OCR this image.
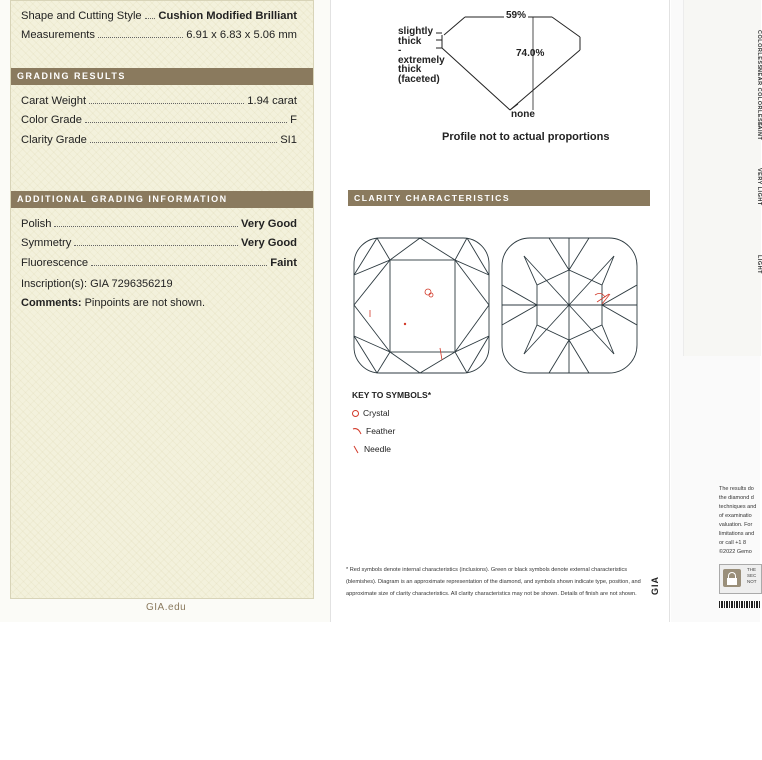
Shape and Cutting Style Cushion Modified Brilliant
Measurements	6.91 x 6.83 x 5.06 mm
GRADING RESULTS
Carat Weight	1.94 carat
Color Grade	F
Clarity Grade	SI1
ADDITIONAL GRADING INFORMATION
Polish	Very Good
Symmetry	Very Good
Fluorescence	Faint
Inscription(s): GIA 7296356219
Comments: Pinpoints are not shown.
GIA.edu
59%
74.0%
slightly
thick
-
extremely
thick
(faceted)
none
Profile not to actual proportions
CLARITY CHARACTERISTICS
KEY TO SYMBOLS*
Crystal
Feather
Needle
* Red symbols denote internal characteristics (inclusions). Green or black symbols denote external characteristics
(blemishes). Diagram is an approximate representation of the diamond, and symbols shown indicate type, position, and
approximate size of clarity characteristics. All clarity characteristics may not be shown. Details of finish are not shown.	GIA
COLORLESS
NEAR COLORLESS
FAINT
VERY LIGHT
LIGHT
The results do
the diamond d
techniques and
of examinatio
valuation. For
limitations and
or call +1 8
©2022 Gemo
THE
SEC
NOT
